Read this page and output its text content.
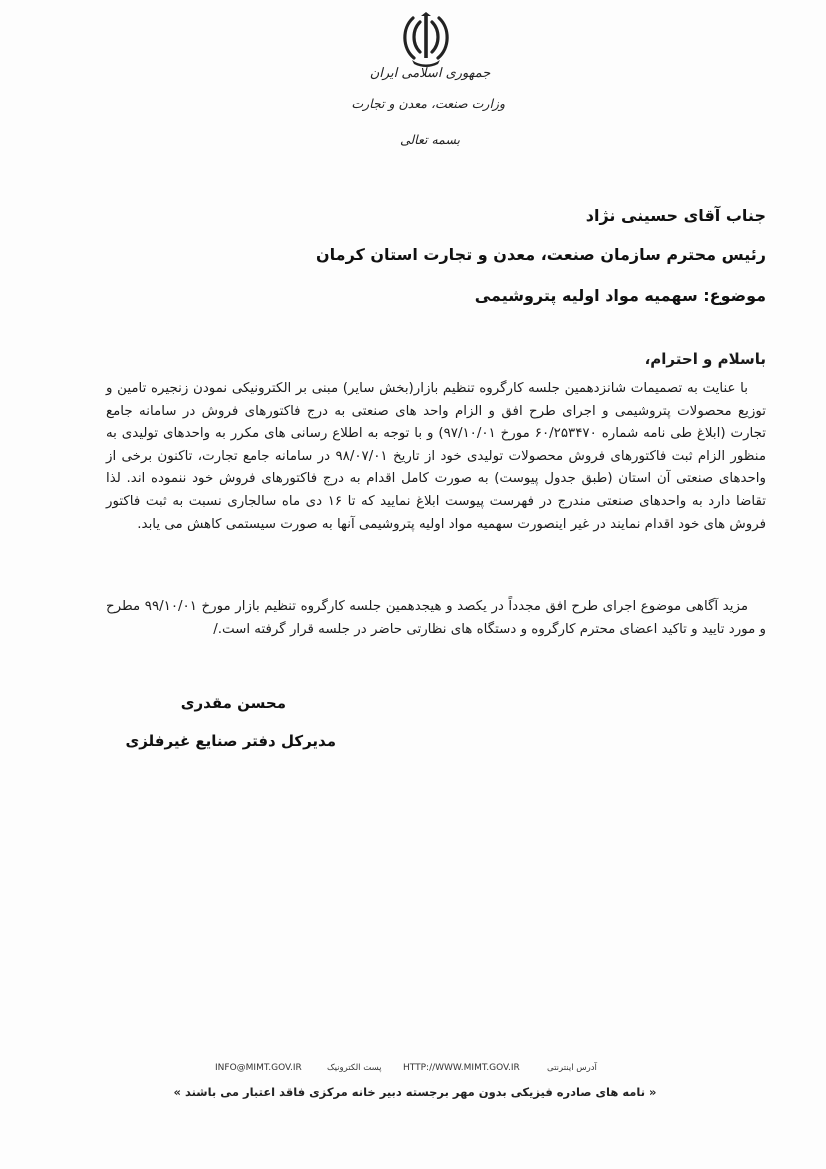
جمهوری اسلامی ایران
وزارت صنعت، معدن و تجارت
بسمه تعالی
جناب آقای حسینی نژاد
رئیس محترم سازمان صنعت، معدن و تجارت استان کرمان
موضوع: سهمیه مواد اولیه پتروشیمی
باسلام و احترام،

با عنایت به تصمیمات شانزدهمین جلسه کارگروه تنظیم بازار(بخش سایر) مبنی بر الکترونیکی نمودن زنجیره تامین و توزیع محصولات پتروشیمی و اجرای طرح افق و الزام واحد های صنعتی به درج فاکتورهای فروش در سامانه جامع تجارت (ابلاغ طی نامه شماره ۶۰/۲۵۳۴۷۰ مورخ ۹۷/۱۰/۰۱) و با توجه به اطلاع رسانی های مکرر به واحدهای تولیدی به منظور الزام ثبت فاکتورهای فروش محصولات تولیدی خود از تاریخ ۹۸/۰۷/۰۱ در سامانه جامع تجارت، تاکنون برخی از واحدهای صنعتی آن استان (طبق جدول پیوست) به صورت کامل اقدام به درج فاکتورهای فروش خود ننموده اند. لذا تقاضا دارد به واحدهای صنعتی مندرج در فهرست پیوست ابلاغ نمایید که تا ۱۶ دی ماه سالجاری نسبت به ثبت فاکتور فروش های خود اقدام نمایند در غیر اینصورت سهمیه مواد اولیه پتروشیمی آنها به صورت سیستمی کاهش می یابد.

مزید آگاهی موضوع اجرای طرح افق مجدداً در یکصد و هیجدهمین جلسه کارگروه تنظیم بازار مورخ ۹۹/۱۰/۰۱ مطرح و مورد تایید و تاکید اعضای محترم کارگروه و دستگاه های نظارتی حاضر در جلسه قرار گرفته است./

محسن مقدری
مدیرکل دفتر صنایع غیرفلزی
INFO@MIMT.GOV.IR	پست الکترونیک HTTP://WWW.MIMT.GOV.IR	آدرس اینترنتی
« نامه های صادره فیزیکی بدون مهر برجسته دبیر خانه مرکزی فاقد اعتبار می باشند »
